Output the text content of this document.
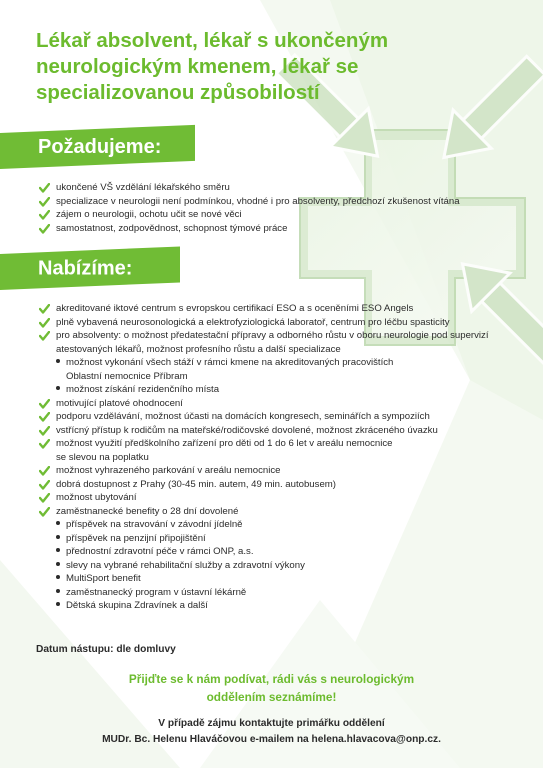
Lékař absolvent, lékař s ukončeným neurologickým kmenem, lékař se specializovanou způsobilostí
Požadujeme:
ukončené VŠ vzdělání lékařského směru
specializace v neurologii není podmínkou, vhodné i pro absolventy, předchozí zkušenost vítána
zájem o neurologii, ochotu učit se nové věci
samostatnost, zodpovědnost, schopnost týmové práce
Nabízíme:
akreditované iktové centrum s evropskou certifikací ESO a s oceněními ESO Angels
plně vybavená neurosonologická a elektrofyziologická laboratoř, centrum pro léčbu spasticity
pro absolventy: o možnost předatestační přípravy a odborného růstu v oboru neurologie pod supervizí atestovaných lékařů, možnost profesního růstu a další specializace
možnost vykonání všech stáží v rámci kmene na akreditovaných pracovištích
Oblastní nemocnice Příbram
možnost získání rezidenčního místa
motivující platové ohodnocení
podporu vzdělávání, možnost účasti na domácích kongresech, seminářích a sympoziích
vstřícný přístup k rodičům na mateřské/rodičovské dovolené, možnost zkráceného úvazku
možnost využití předškolního zařízení pro děti od 1 do 6 let v areálu nemocnice
se slevou na poplatku
možnost vyhrazeného parkování v areálu nemocnice
dobrá dostupnost z Prahy (30-45 min. autem, 49 min. autobusem)
možnost ubytování
zaměstnanecké benefity o 28 dní dovolené
příspěvek na stravování v závodní jídelně
příspěvek na penzijní připojištění
přednostní zdravotní péče v rámci ONP, a.s.
slevy na vybrané rehabilitační služby a zdravotní výkony
MultiSport benefit
zaměstnanecký program v ústavní lékárně
Dětská skupina Zdravínek a další
Datum nástupu: dle domluvy
Přijďte se k nám podívat, rádi vás s neurologickým
oddělením seznámíme!
V případě zájmu kontaktujte primářku oddělení
MUDr. Bc. Helenu Hlaváčovou e-mailem na helena.hlavacova@onp.cz.
